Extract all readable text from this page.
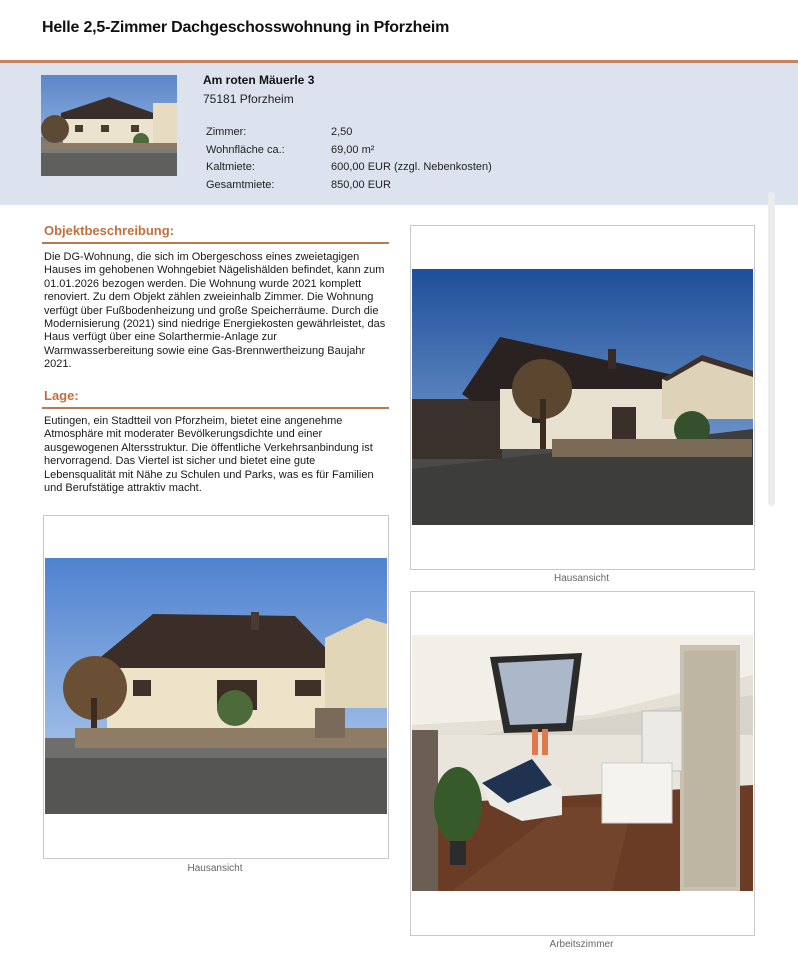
Helle 2,5-Zimmer Dachgeschosswohnung in Pforzheim
Am roten Mäuerle 3
75181 Pforzheim
Zimmer:	2,50
Wohnfläche ca.:	69,00 m²
Kaltmiete:	600,00 EUR (zzgl. Nebenkosten)
Gesamtmiete:	850,00 EUR
Objektbeschreibung:
Die DG-Wohnung, die sich im Obergeschoss eines zweietagigen Hauses im gehobenen Wohngebiet Nägelishälden befindet, kann zum 01.01.2026 bezogen werden. Die Wohnung wurde 2021 komplett renoviert. Zu dem Objekt zählen zweieinhalb Zimmer. Die Wohnung verfügt über Fußbodenheizung und große Speicherräume. Durch die Modernisierung (2021) sind niedrige Energiekosten gewährleistet, das Haus verfügt über eine Solarthermie-Anlage zur Warmwasserbereitung sowie eine Gas-Brennwertheizung Baujahr 2021.
Lage:
Eutingen, ein Stadtteil von Pforzheim, bietet eine angenehme Atmosphäre mit moderater Bevölkerungsdichte und einer ausgewogenen Altersstruktur. Die öffentliche Verkehrsanbindung ist hervorragend. Das Viertel ist sicher und bietet eine gute Lebensqualität mit Nähe zu Schulen und Parks, was es für Familien und Berufstätige attraktiv macht.
Hausansicht
Hausansicht
Arbeitszimmer
